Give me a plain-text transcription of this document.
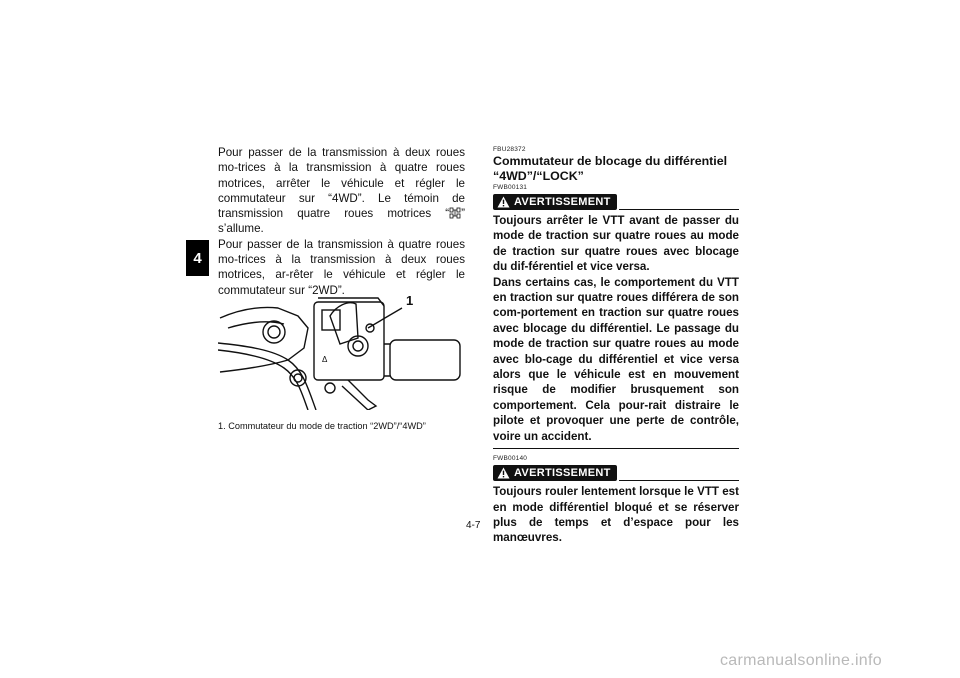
4

Pour passer de la transmission à deux roues mo-trices à la transmission à quatre roues motrices, arrêter le véhicule et régler le commutateur sur “4WD”. Le témoin de transmission quatre roues motrices “ ” s’allume.

Pour passer de la transmission à quatre roues mo-trices à la transmission à deux roues motrices, ar-rêter le véhicule et régler le commutateur sur “2WD”.

Δ
1
1. Commutateur du mode de traction “2WD”/“4WD”
FBU28372
Commutateur de blocage du différentiel “4WD”/“LOCK”
FWB00131
AVERTISSEMENT

Toujours arrêter le VTT avant de passer du mode de traction sur quatre roues au mode de traction sur quatre roues avec blocage du dif-férentiel et vice versa.

Dans certains cas, le comportement du VTT en traction sur quatre roues différera de son com-portement en traction sur quatre roues avec blocage du différentiel. Le passage du mode de traction sur quatre roues au mode avec blo-cage du différentiel et vice versa alors que le véhicule est en mouvement risque de modifier brusquement son comportement. Cela pour-rait distraire le pilote et provoquer une perte de contrôle, voire un accident.

FWB00140
AVERTISSEMENT

Toujours rouler lentement lorsque le VTT est en mode différentiel bloqué et se réserver plus de temps et d’espace pour les manœuvres.

4-7
carmanualsonline.info
